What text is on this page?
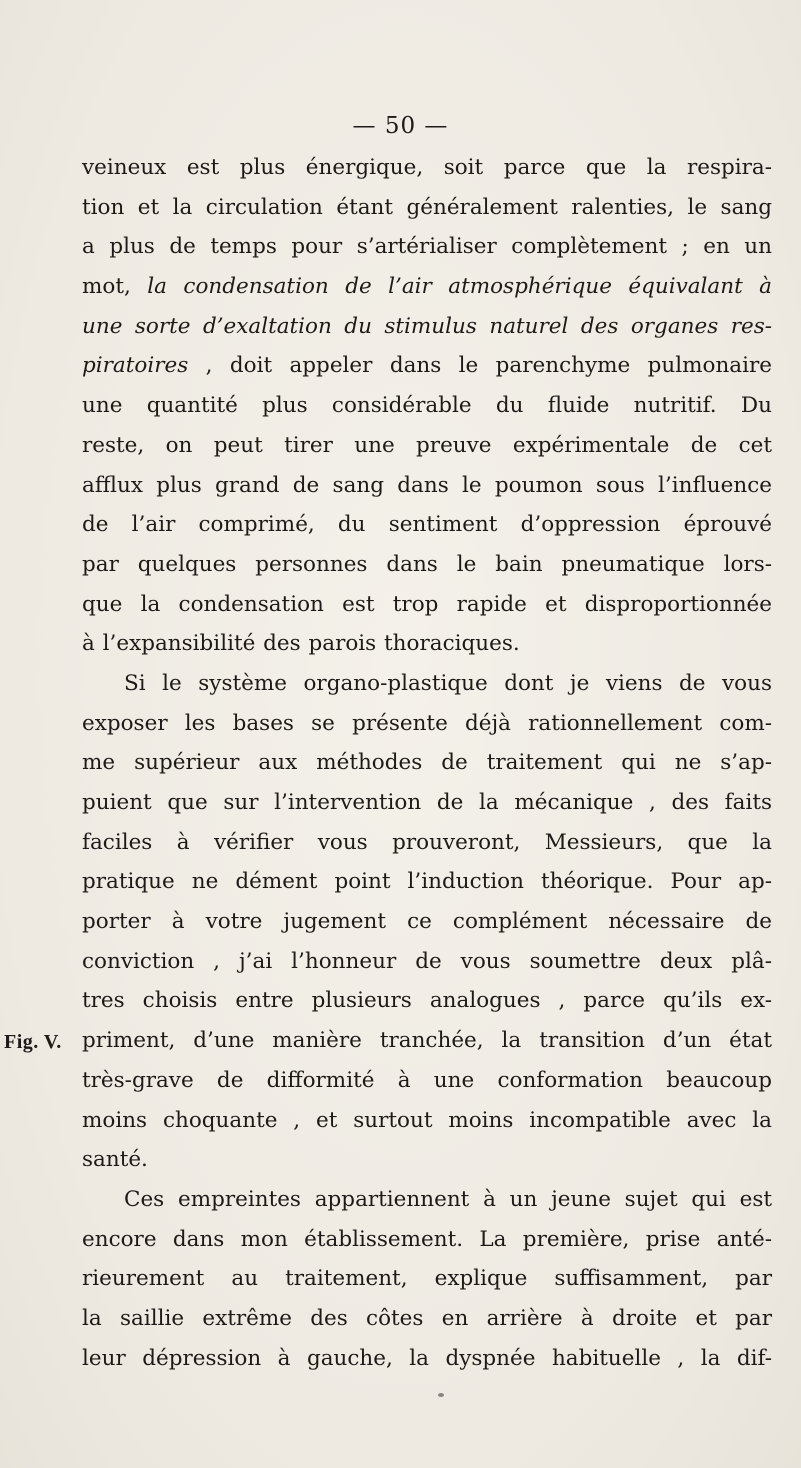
— 50 —
Fig. V.
veineux est plus énergique, soit parce que la respira-
tion et la circulation étant généralement ralenties, le sang
a plus de temps pour s’artérialiser complètement ; en un
mot, la condensation de l’air atmosphérique équivalant à
une sorte d’exaltation du stimulus naturel des organes res-
piratoires , doit appeler dans le parenchyme pulmonaire
une quantité plus considérable du fluide nutritif. Du
reste, on peut tirer une preuve expérimentale de cet
afflux plus grand de sang dans le poumon sous l’influence
de l’air comprimé, du sentiment d’oppression éprouvé
par quelques personnes dans le bain pneumatique lors-
que la condensation est trop rapide et disproportionnée
à l’expansibilité des parois thoraciques.
Si le système organo-plastique dont je viens de vous
exposer les bases se présente déjà rationnellement com-
me supérieur aux méthodes de traitement qui ne s’ap-
puient que sur l’intervention de la mécanique , des faits
faciles à vérifier vous prouveront, Messieurs, que la
pratique ne dément point l’induction théorique. Pour ap-
porter à votre jugement ce complément nécessaire de
conviction , j’ai l’honneur de vous soumettre deux plâ-
tres choisis entre plusieurs analogues , parce qu’ils ex-
priment, d’une manière tranchée, la transition d’un état
très-grave de difformité à une conformation beaucoup
moins choquante , et surtout moins incompatible avec la
santé.
Ces empreintes appartiennent à un jeune sujet qui est
encore dans mon établissement. La première, prise anté-
rieurement au traitement, explique suffisamment, par
la saillie extrême des côtes en arrière à droite et par
leur dépression à gauche, la dyspnée habituelle , la dif-
